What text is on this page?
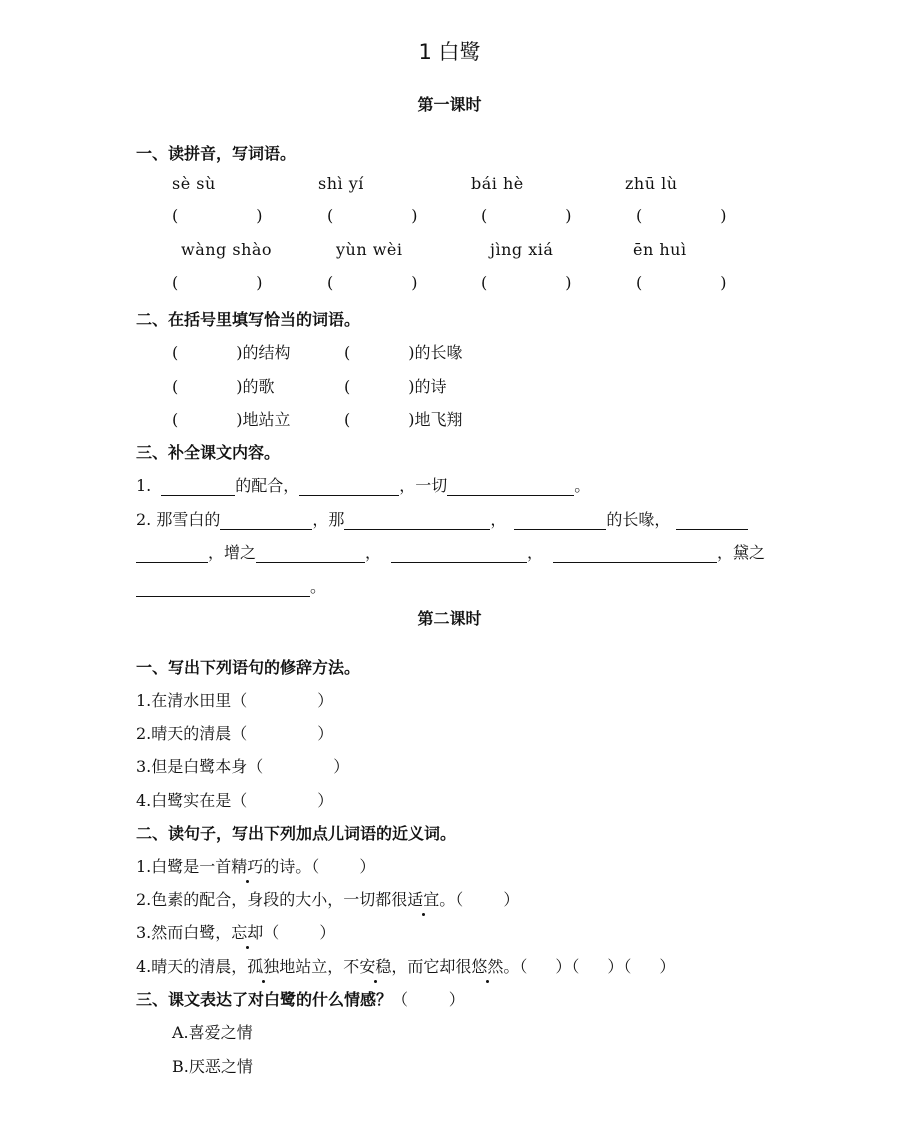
1 白鹭
第一课时
一、读拼音，写词语。
sè sù	shì yí	bái hè	zhū lù
(	)	(	)	(	)	(	)
wàng shào	yùn wèi	jìng xiá	ēn huì
(	)	(	)	(	)	(	)
二、在括号里填写恰当的词语。
(	)的结构	(	)的长喙
(	)的歌	(	)的诗
(	)地站立	(	)地飞翔
三、补全课文内容。
1.	的配合，	，一切	。
2. 那雪白的	，那	，	的长喙，
，增之	，	，	，黛之
。
第二课时
一、写出下列语句的修辞方法。
1.在清水田里（	）
2.晴天的清晨（	）
3.但是白鹭本身（	）
4.白鹭实在是（	）
二、读句子，写出下列加点儿词语的近义词。
1.白鹭是一首精巧的诗。（	）
2.色素的配合，身段的大小，一切都很适宜。（	）
3.然而白鹭，忘却（	）
4.晴天的清晨，孤独地站立，不安稳，而它却很悠然。（ ）（ ）（ ）
三、课文表达了对白鹭的什么情感？（        ）
A.喜爱之情
B.厌恶之情
